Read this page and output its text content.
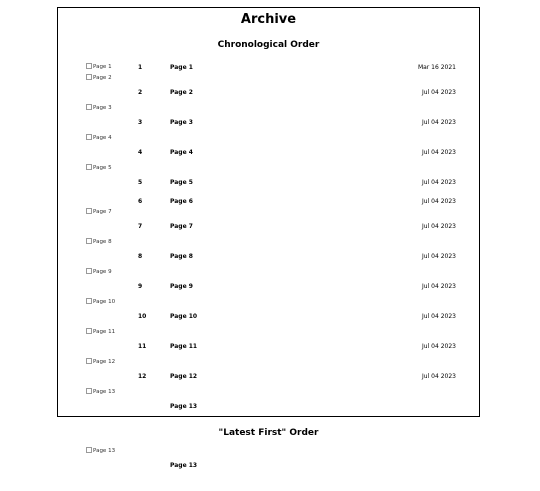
Archive
Chronological Order
Page 1	1	Page 1	Mar 16 2021
Page 2	2	Page 2	Jul 04 2023
Page 3	3	Page 3	Jul 04 2023
Page 4	4	Page 4	Jul 04 2023
Page 5	5	Page 5	Jul 04 2023
	6	Page 6	Jul 04 2023
Page 7	7	Page 7	Jul 04 2023
Page 8	8	Page 8	Jul 04 2023
Page 9	9	Page 9	Jul 04 2023
Page 10	10	Page 10	Jul 04 2023
Page 11	11	Page 11	Jul 04 2023
Page 12	12	Page 12	Jul 04 2023
Page 13		Page 13	
"Latest First" Order
Page 13		Page 13	
